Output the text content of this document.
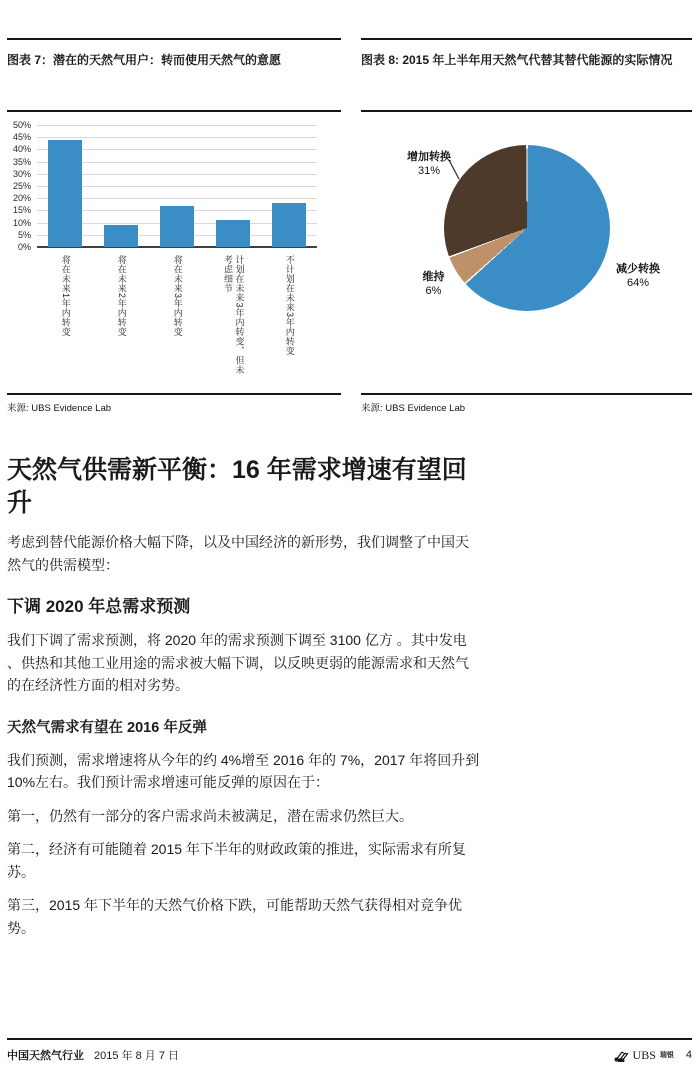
图表 7：潜在的天然气用户：转而使用天然气的意愿
0%
5%
10%
15%
20%
25%
30%
35%
40%
45%
50%
将在未来1年内转变	将在未来2年内转变	将在未来3年内转变	计划在未来3年内转变，但未考虑细节	不计划在未来3年内转变
来源: UBS Evidence Lab
图表 8: 2015 年上半年用天然气代替其替代能源的实际情况
增加转换
31%
维持
6%
减少转换
64%
来源: UBS Evidence Lab
天然气供需新平衡：16 年需求增速有望回升

考虑到替代能源价格大幅下降，以及中国经济的新形势，我们调整了中国天然气的供需模型：

下调 2020 年总需求预测

我们下调了需求预测，将 2020 年的需求预测下调至 3100 亿方 。其中发电 、供热和其他工业用途的需求被大幅下调，以反映更弱的能源需求和天然气的在经济性方面的相对劣势。

天然气需求有望在 2016 年反弹

我们预测，需求增速将从今年的约 4%增至 2016 年的 7%，2017 年将回升到 10%左右。我们预计需求增速可能反弹的原因在于：

第一，仍然有一部分的客户需求尚未被满足，潜在需求仍然巨大。

第二，经济有可能随着 2015 年下半年的财政政策的推进，实际需求有所复苏。

第三，2015 年下半年的天然气价格下跌，可能帮助天然气获得相对竞争优势。

中国天然气行业 2015 年 8 月 7 日	UBS 瑞银 4
